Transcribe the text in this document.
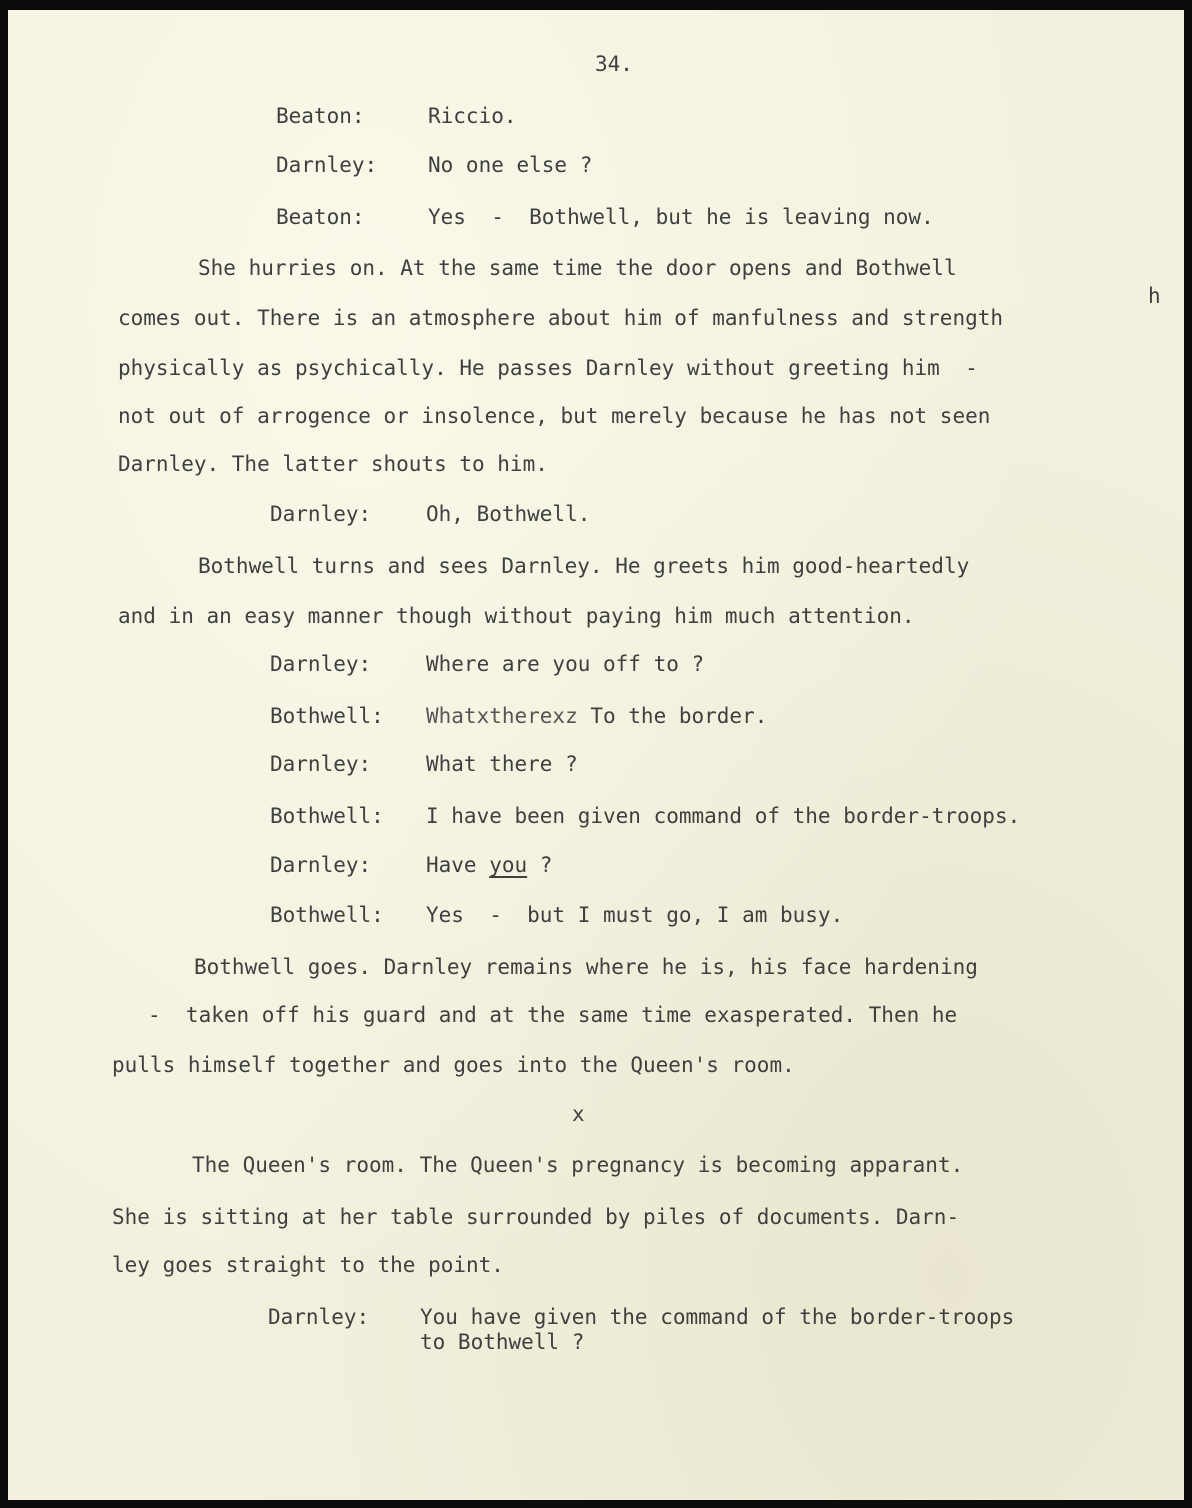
34.
Beaton:	Riccio.
Darnley: No one else ?
Beaton:	Yes  -  Bothwell, but he is leaving now.
She hurries on. At the same time the door opens and Bothwell
h
comes out. There is an atmosphere about him of manfulness and strength
physically as psychically. He passes Darnley without greeting him  -
not out of arrogence or insolence, but merely because he has not seen
Darnley. The latter shouts to him.
Darnley:	Oh, Bothwell.
Bothwell turns and sees Darnley. He greets him good-heartedly
and in an easy manner though without paying him much attention.
Darnley:	Where are you off to ?
Bothwell: Whatxtherexz To the border.
Darnley:	What there ?
Bothwell: I have been given command of the border-troops.
Darnley:	Have you ?
Bothwell: Yes  -  but I must go, I am busy.
Bothwell goes. Darnley remains where he is, his face hardening
-  taken off his guard and at the same time exasperated. Then he
pulls himself together and goes into the Queen's room.
x
The Queen's room. The Queen's pregnancy is becoming apparant.
She is sitting at her table surrounded by piles of documents. Darn-
ley goes straight to the point.
Darnley: You have given the command of the border-troops
to Bothwell ?
